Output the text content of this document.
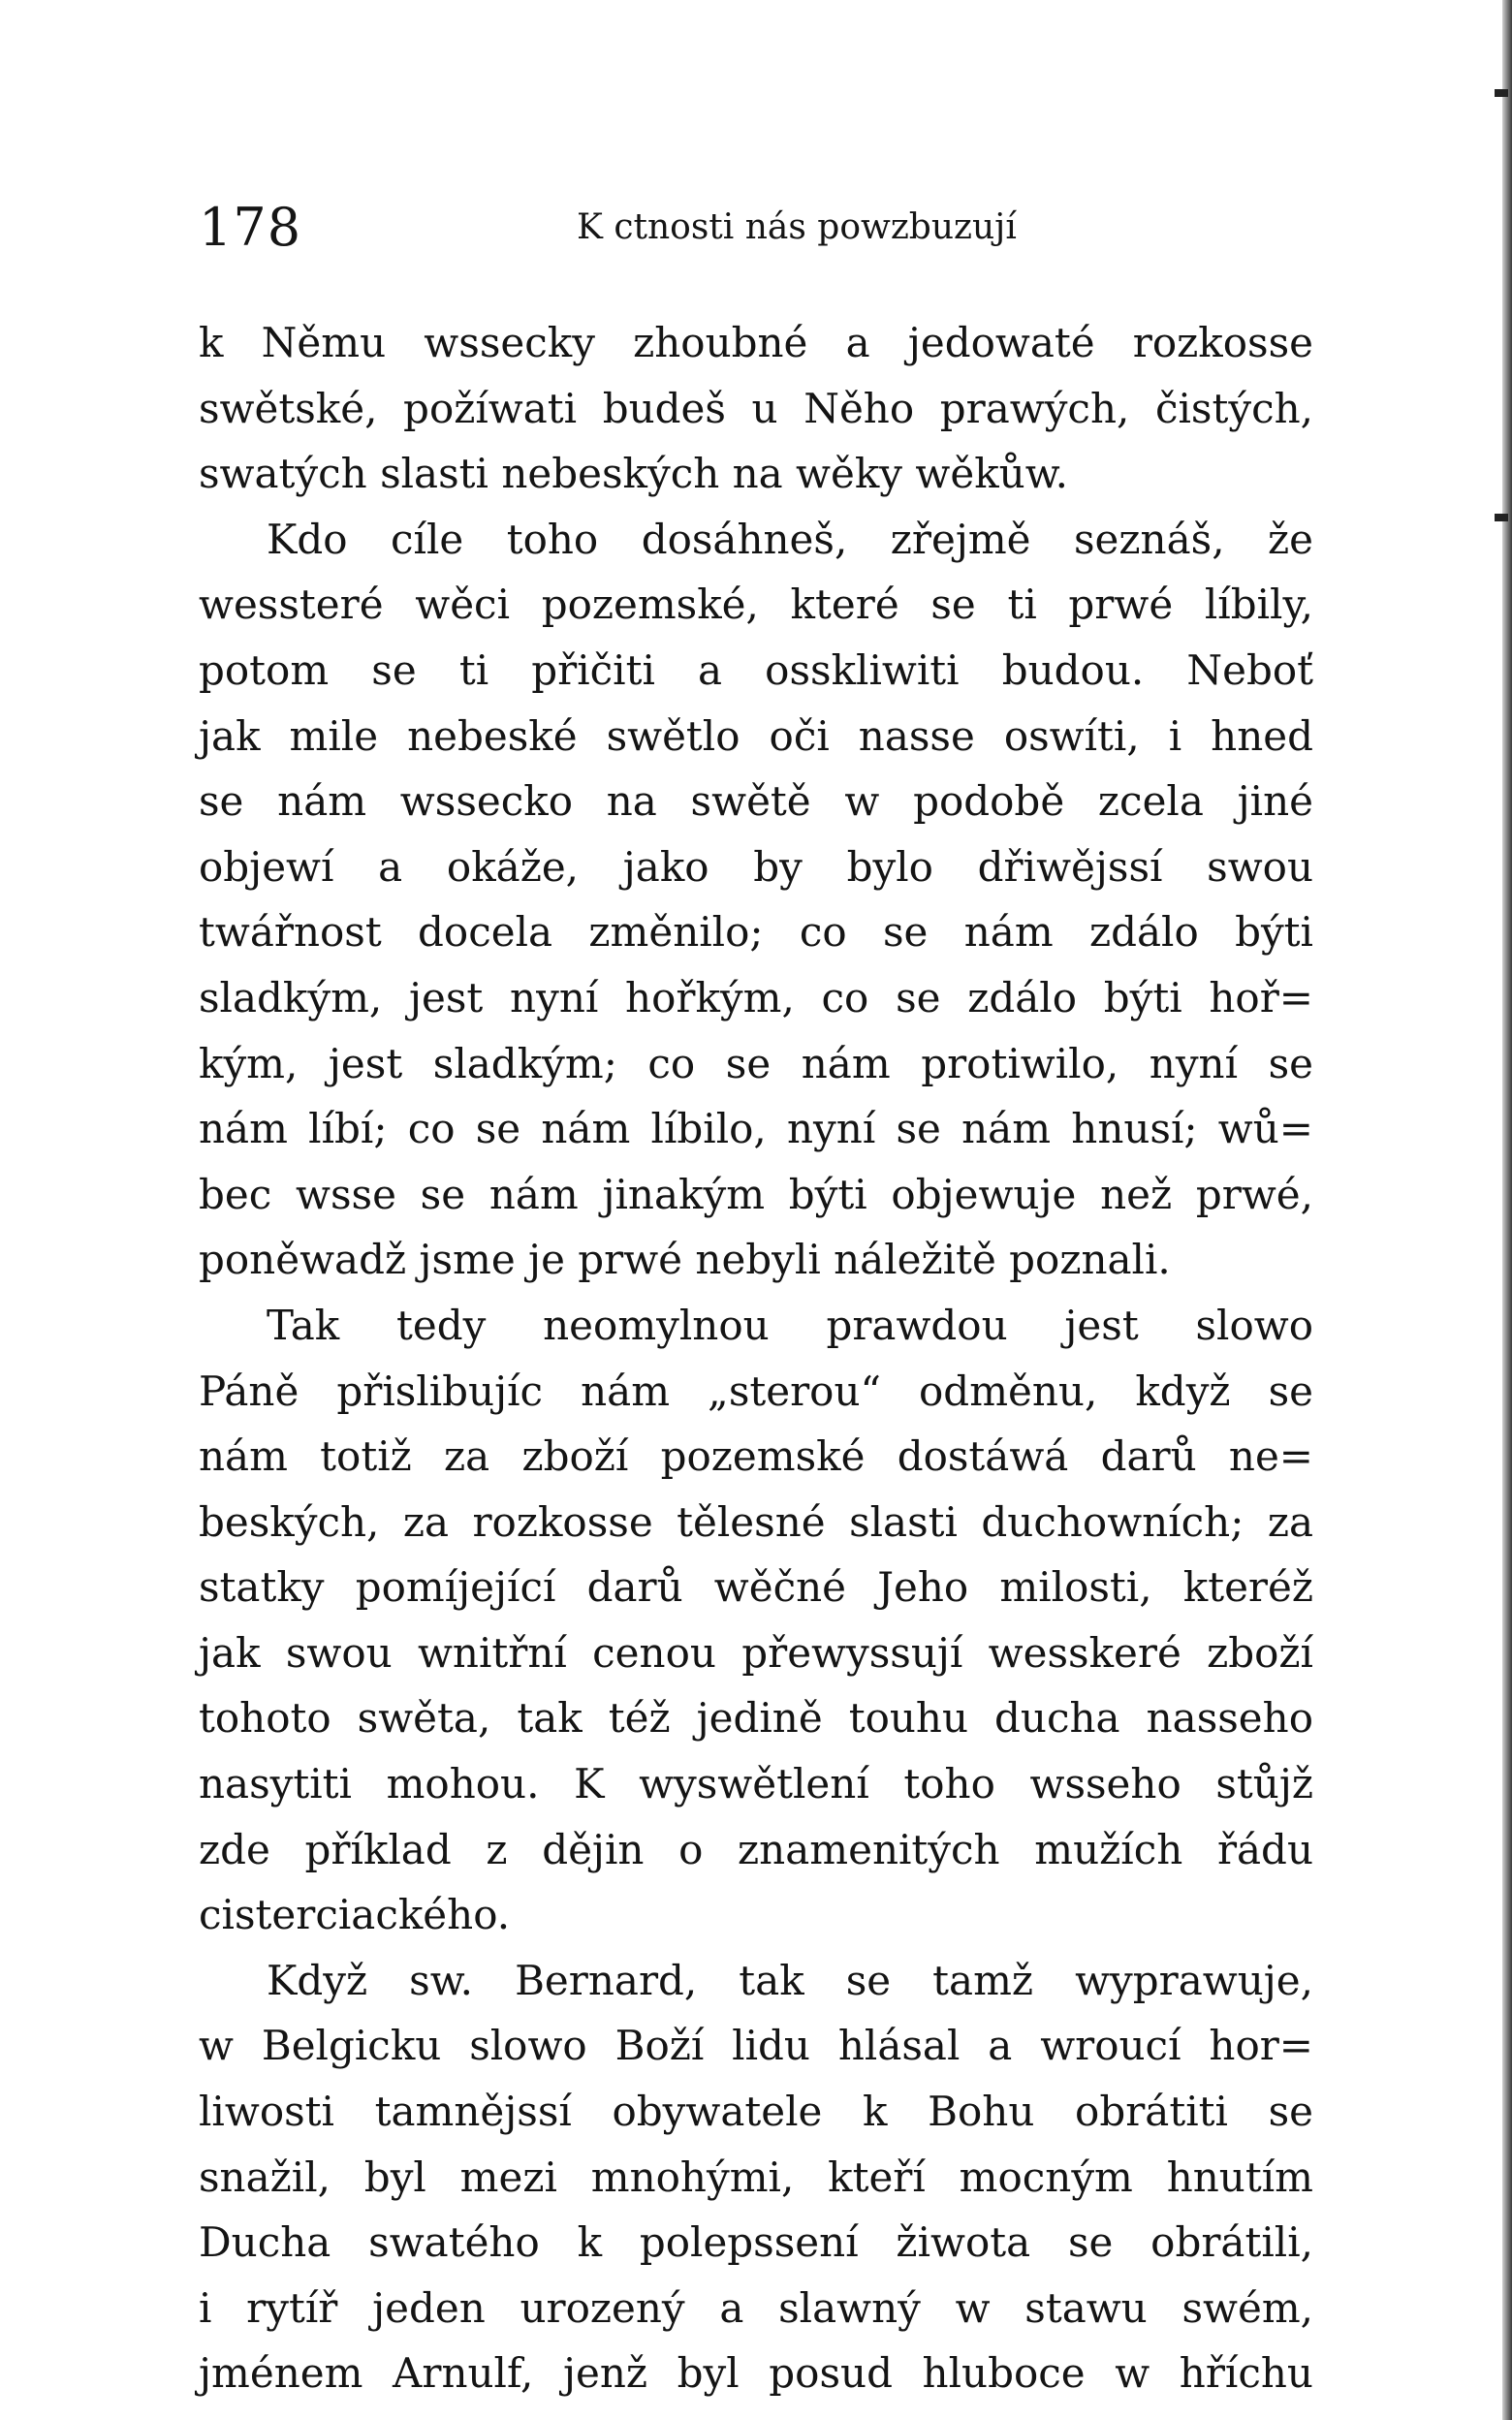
178	K ctnosti nás powzbuzují
k Němu wssecky zhoubné a jedowaté rozkosse
swětské, požíwati budeš u Něho prawých, čistých,
swatých slasti nebeských na wěky wěkůw.
Kdo cíle toho dosáhneš, zřejmě seznáš, že
wessteré wěci pozemské, které se ti prwé líbily,
potom se ti přičiti a osskliwiti budou. Neboť
jak mile nebeské swětlo oči nasse oswíti, i hned
se nám wssecko na swětě w podobě zcela jiné
objewí a okáže, jako by bylo dřiwějssí swou
twářnost docela změnilo; co se nám zdálo býti
sladkým, jest nyní hořkým, co se zdálo býti hoř=
kým, jest sladkým; co se nám protiwilo, nyní se
nám líbí; co se nám líbilo, nyní se nám hnusí; wů=
bec wsse se nám jinakým býti objewuje než prwé,
poněwadž jsme je prwé nebyli náležitě poznali.
Tak tedy neomylnou prawdou jest slowo
Páně přislibujíc nám „sterou“ odměnu, když se
nám totiž za zboží pozemské dostáwá darů ne=
beských, za rozkosse tělesné slasti duchowních; za
statky pomíjející darů wěčné Jeho milosti, kteréž
jak swou wnitřní cenou přewyssují wesskeré zboží
tohoto swěta, tak též jedině touhu ducha nasseho
nasytiti mohou. K wyswětlení toho wsseho stůjž
zde příklad z dějin o znamenitých mužích řádu
cisterciackého.
Když sw. Bernard, tak se tamž wyprawuje,
w Belgicku slowo Boží lidu hlásal a wroucí hor=
liwosti tamnějssí obywatele k Bohu obrátiti se
snažil, byl mezi mnohými, kteří mocným hnutím
Ducha swatého k polepssení žiwota se obrátili,
i rytíř jeden urozený a slawný w stawu swém,
jménem Arnulf, jenž byl posud hluboce w hříchu
